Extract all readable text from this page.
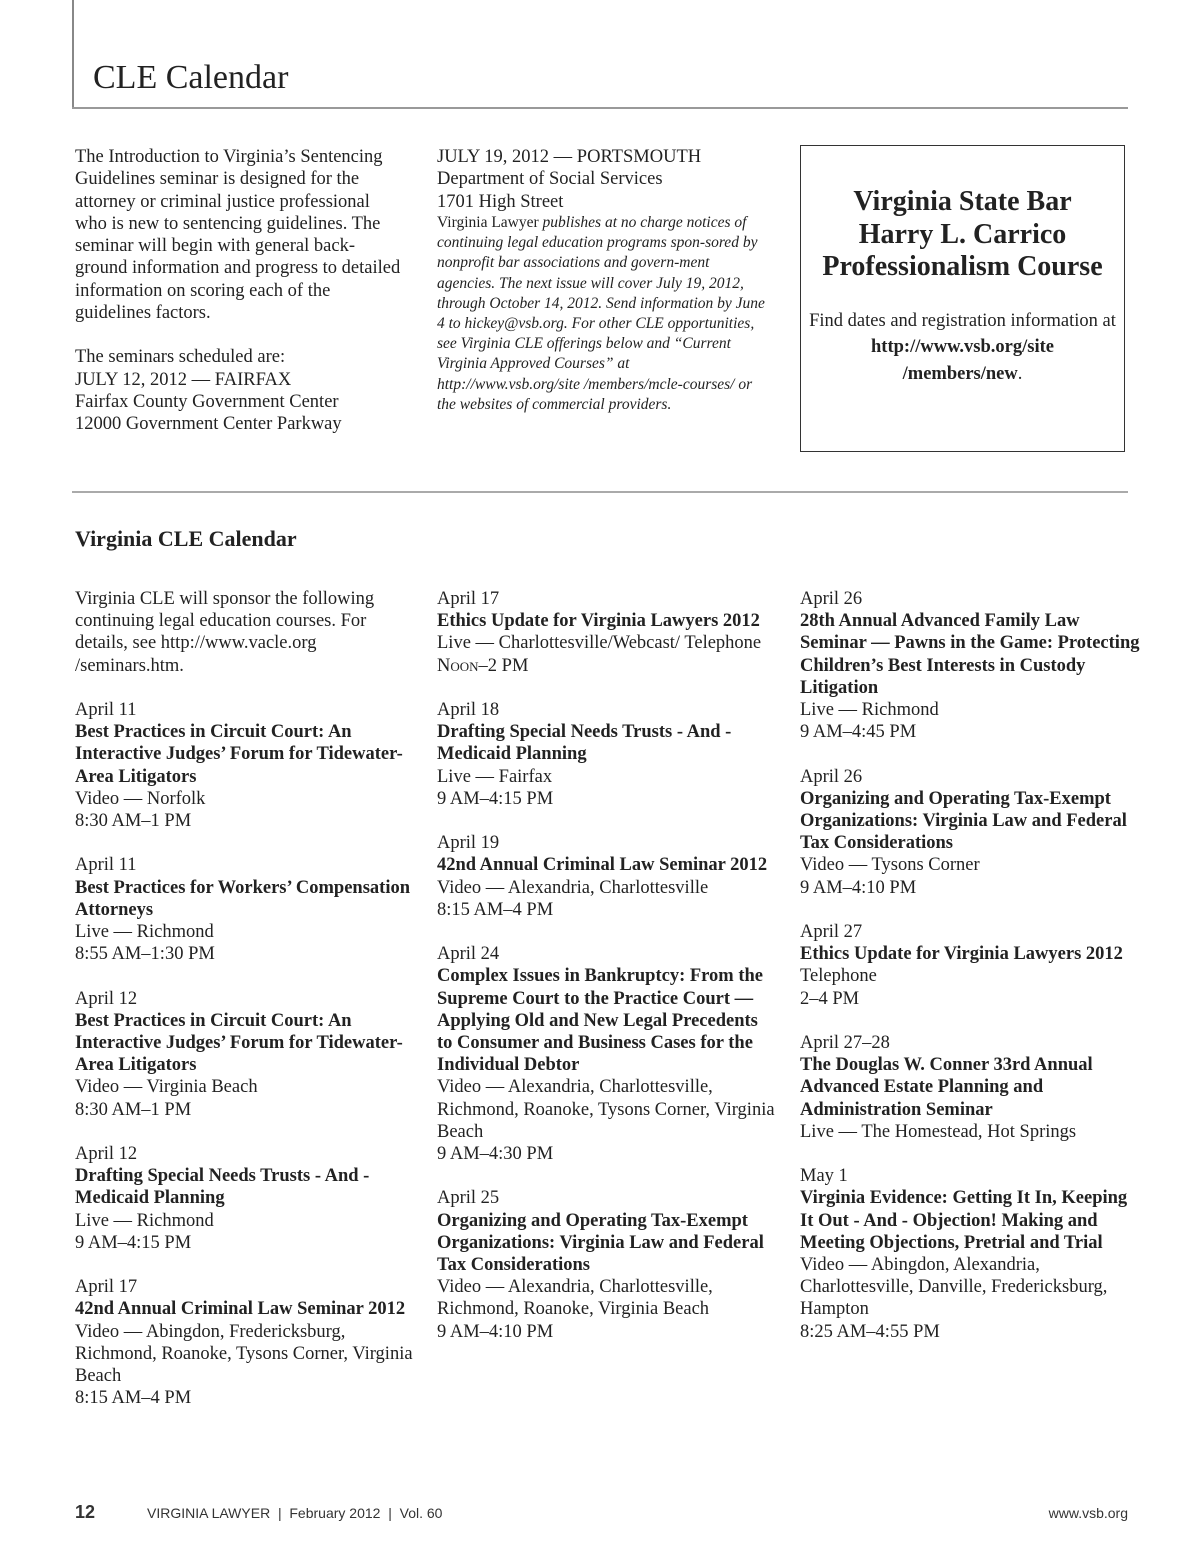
CLE Calendar

The Introduction to Virginia’s Sentencing Guidelines seminar is designed for the attorney or criminal justice professional who is new to sentencing guidelines. The seminar will begin with general back-ground information and progress to detailed information on scoring each of the guidelines factors.

The seminars scheduled are:

JULY 12, 2012 — FAIRFAX

Fairfax County Government Center

12000 Government Center Parkway

JULY 19, 2012 — PORTSMOUTH

Department of Social Services

1701 High Street

Virginia Lawyer publishes at no charge notices of continuing legal education programs spon-sored by nonprofit bar associations and govern-ment agencies. The next issue will cover July 19, 2012, through October 14, 2012. Send information by June 4 to hickey@vsb.org. For other CLE opportunities, see Virginia CLE offerings below and “Current Virginia Approved Courses” at http://www.vsb.org/site /members/mcle-courses/ or the websites of commercial providers.

Virginia State Bar
Harry L. Carrico
Professionalism Course

Find dates and registration information at
http://www.vsb.org/site
/members/new.

Virginia CLE Calendar

Virginia CLE will sponsor the following continuing legal education courses. For details, see http://www.vacle.org /seminars.htm.

April 11
Best Practices in Circuit Court: An Interactive Judges’ Forum for Tidewater-Area Litigators
Video — Norfolk
8:30 AM–1 PM
April 11
Best Practices for Workers’ Compensation Attorneys
Live — Richmond
8:55 AM–1:30 PM
April 12
Best Practices in Circuit Court: An Interactive Judges’ Forum for Tidewater-Area Litigators
Video — Virginia Beach
8:30 AM–1 PM
April 12
Drafting Special Needs Trusts - And - Medicaid Planning
Live — Richmond
9 AM–4:15 PM
April 17
42nd Annual Criminal Law Seminar 2012
Video — Abingdon, Fredericksburg, Richmond, Roanoke, Tysons Corner, Virginia Beach
8:15 AM–4 PM
April 17
Ethics Update for Virginia Lawyers 2012
Live — Charlottesville/Webcast/ Telephone
Noon–2 PM
April 18
Drafting Special Needs Trusts - And - Medicaid Planning
Live — Fairfax
9 AM–4:15 PM
April 19
42nd Annual Criminal Law Seminar 2012
Video — Alexandria, Charlottesville
8:15 AM–4 PM
April 24
Complex Issues in Bankruptcy: From the Supreme Court to the Practice Court — Applying Old and New Legal Precedents to Consumer and Business Cases for the Individual Debtor
Video — Alexandria, Charlottesville, Richmond, Roanoke, Tysons Corner, Virginia Beach
9 AM–4:30 PM
April 25
Organizing and Operating Tax-Exempt Organizations: Virginia Law and Federal Tax Considerations
Video — Alexandria, Charlottesville, Richmond, Roanoke, Virginia Beach
9 AM–4:10 PM
April 26
28th Annual Advanced Family Law Seminar — Pawns in the Game: Protecting Children’s Best Interests in Custody Litigation
Live — Richmond
9 AM–4:45 PM
April 26
Organizing and Operating Tax-Exempt Organizations: Virginia Law and Federal Tax Considerations
Video — Tysons Corner
9 AM–4:10 PM
April 27
Ethics Update for Virginia Lawyers 2012
Telephone
2–4 PM
April 27–28
The Douglas W. Conner 33rd Annual Advanced Estate Planning and Administration Seminar
Live — The Homestead, Hot Springs
May 1
Virginia Evidence: Getting It In, Keeping It Out - And - Objection! Making and Meeting Objections, Pretrial and Trial
Video — Abingdon, Alexandria, Charlottesville, Danville, Fredericksburg, Hampton
8:25 AM–4:55 PM
12	VIRGINIA LAWYER  |  February 2012  |  Vol. 60	www.vsb.org
